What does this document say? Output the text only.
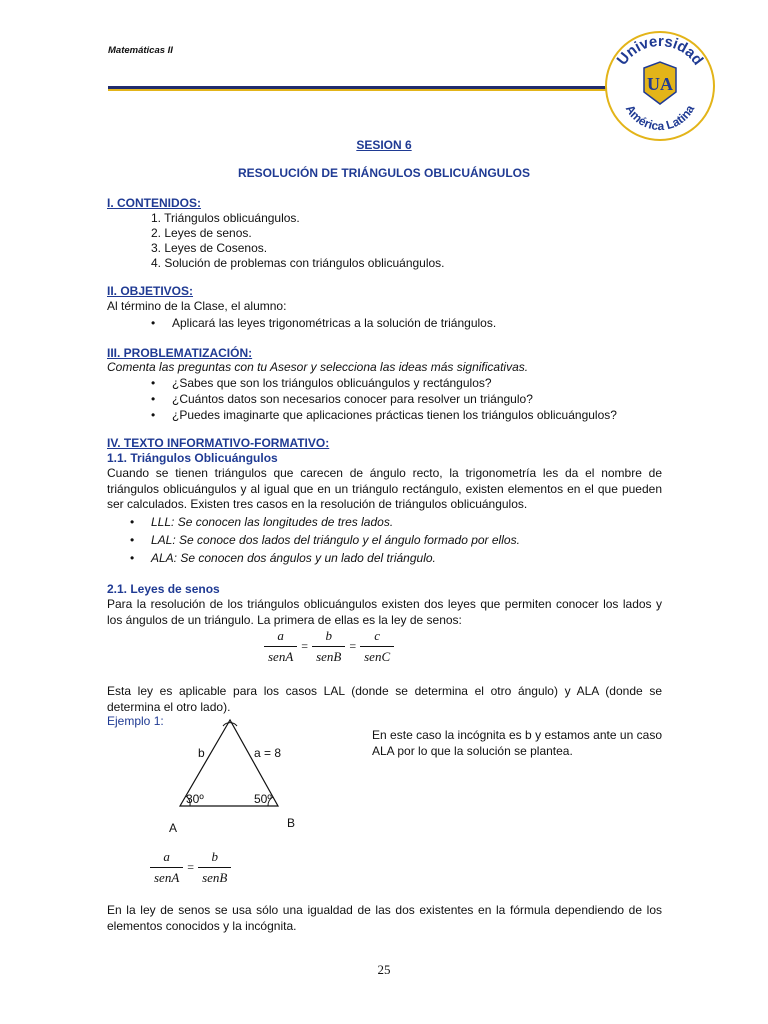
Matemáticas II	Universidad
América Latina
UA
SESION 6
RESOLUCIÓN DE TRIÁNGULOS OBLICUÁNGULOS
I. CONTENIDOS:
1. Triángulos oblicuángulos.
2. Leyes de senos.
3. Leyes de Cosenos.
4. Solución de problemas con triángulos oblicuángulos.
II. OBJETIVOS:
Al término de la Clase, el alumno:
• Aplicará las leyes trigonométricas a la solución de triángulos.
III. PROBLEMATIZACIÓN:
Comenta las preguntas con tu Asesor y selecciona las ideas más significativas.
• ¿Sabes que son los triángulos oblicuángulos y rectángulos?
• ¿Cuántos datos son necesarios conocer para resolver un triángulo?
• ¿Puedes imaginarte que aplicaciones prácticas tienen los triángulos oblicuángulos?
IV. TEXTO INFORMATIVO-FORMATIVO:
1.1. Triángulos Oblicuángulos
Cuando se tienen triángulos que carecen de ángulo recto, la trigonometría les da el nombre de triángulos oblicuángulos y al igual que en un triángulo rectángulo, existen elementos en el que pueden ser calculados. Existen tres casos en la resolución de triángulos oblicuángulos.
• LLL: Se conocen las longitudes de tres lados.
• LAL: Se conoce dos lados del triángulo y el ángulo formado por ellos.
• ALA: Se conocen dos ángulos y un lado del triángulo.
2.1. Leyes de senos
Para la resolución de los triángulos oblicuángulos existen dos leyes que permiten conocer los lados y los ángulos de un triángulo. La primera de ellas es la ley de senos:
$\frac{a}{\text{senA}} = \frac{b}{\text{senB}} = \frac{c}{\text{senC}}$
Esta ley es aplicable para los casos LAL (donde se determina el otro ángulo) y ALA (donde se determina el otro lado).
Ejemplo 1:
b	a = 8
30º	50º
A	B
En este caso la incógnita es b y estamos ante un caso ALA por lo que la solución se plantea.
$\frac{a}{\text{senA}} = \frac{b}{\text{senB}}$
En la ley de senos se usa sólo una igualdad de las dos existentes en la fórmula dependiendo de los elementos conocidos y la incógnita.
25
